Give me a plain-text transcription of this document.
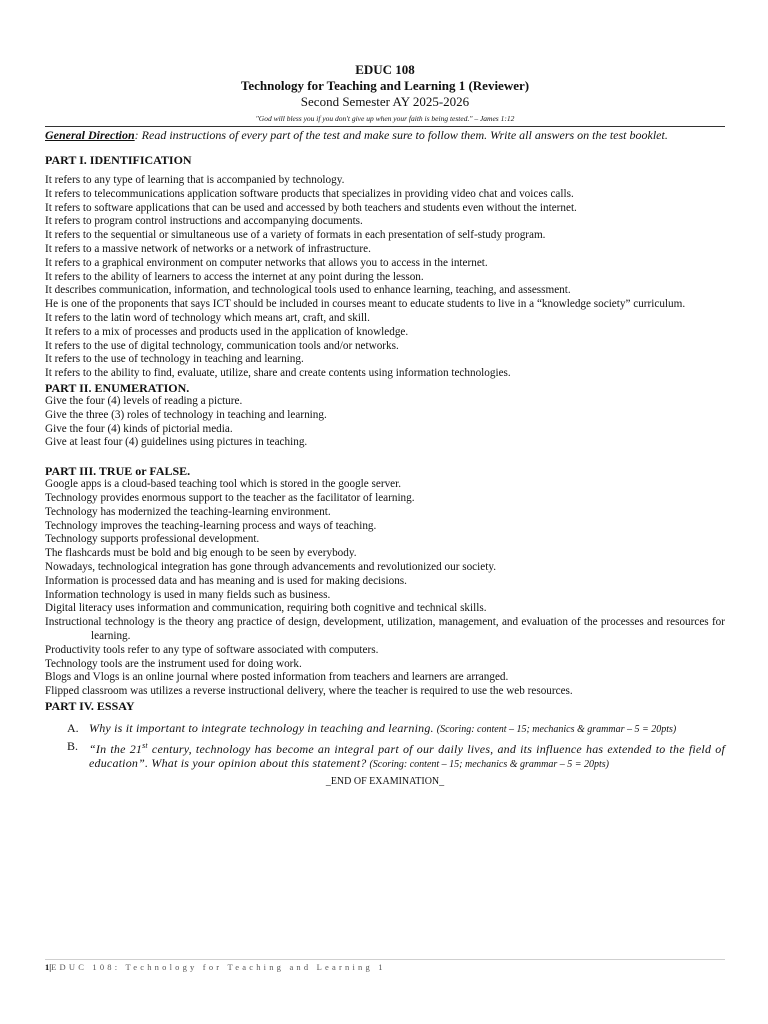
EDUC 108

Technology for Teaching and Learning 1 (Reviewer)

Second Semester AY 2025-2026

"God will bless you if you don't give up when your faith is being tested." – James 1:12
General Direction: Read instructions of every part of the test and make sure to follow them. Write all answers on the test booklet.
PART I. IDENTIFICATION
It refers to any type of learning that is accompanied by technology.
It refers to telecommunications application software products that specializes in providing video chat and voices calls.
It refers to software applications that can be used and accessed by both teachers and students even without the internet.
It refers to program control instructions and accompanying documents.
It refers to the sequential or simultaneous use of a variety of formats in each presentation of self-study program.
It refers to a massive network of networks or a network of infrastructure.
It refers to a graphical environment on computer networks that allows you to access in the internet.
It refers to the ability of learners to access the internet at any point during the lesson.
It describes communication, information, and technological tools used to enhance learning, teaching, and assessment.
He is one of the proponents that says ICT should be included in courses meant to educate students to live in a “knowledge society” curriculum.
It refers to the latin word of technology which means art, craft, and skill.
It refers to a mix of processes and products used in the application of knowledge.
It refers to the use of digital technology, communication tools and/or networks.
It refers to the use of technology in teaching and learning.
It refers to the ability to find, evaluate, utilize, share and create contents using information technologies.
PART II. ENUMERATION.
Give the four (4) levels of reading a picture.
Give the three (3) roles of technology in teaching and learning.
Give the four (4) kinds of pictorial media.
Give at least four (4) guidelines using pictures in teaching.
PART III. TRUE or FALSE.
Google apps is a cloud-based teaching tool which is stored in the google server.
Technology provides enormous support to the teacher as the facilitator of learning.
Technology has modernized the teaching-learning environment.
Technology improves the teaching-learning process and ways of teaching.
Technology supports professional development.
The flashcards must be bold and big enough to be seen by everybody.
Nowadays, technological integration has gone through advancements and revolutionized our society.
Information is processed data and has meaning and is used for making decisions.
Information technology is used in many fields such as business.
Digital literacy uses information and communication, requiring both cognitive and technical skills.
Instructional technology is the theory ang practice of design, development, utilization, management, and evaluation of the processes and resources for learning.
Productivity tools refer to any type of software associated with computers.
Technology tools are the instrument used for doing work.
Blogs and Vlogs is an online journal where posted information from teachers and learners are arranged.
Flipped classroom was utilizes a reverse instructional delivery, where the teacher is required to use the web resources.
PART IV. ESSAY
A. Why is it important to integrate technology in teaching and learning. (Scoring: content – 15; mechanics & grammar – 5 = 20pts)
B. “In the 21st century, technology has become an integral part of our daily lives, and its influence has extended to the field of education”. What is your opinion about this statement? (Scoring: content – 15; mechanics & grammar – 5 = 20pts)
_END OF EXAMINATION_
1|EDUC 108: Technology for Teaching and Learning 1
